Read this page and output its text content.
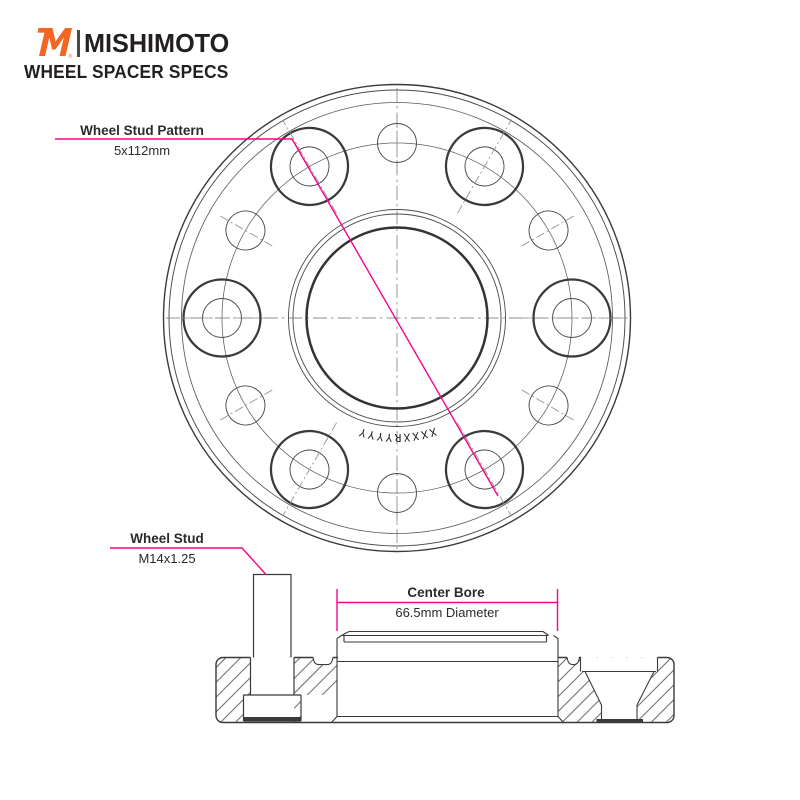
® MISHIMOTO
WHEEL SPACER SPECS
XXXXRYYYY
Wheel Stud Pattern
5x112mm
Wheel Stud
M14x1.25
Center Bore
66.5mm Diameter
